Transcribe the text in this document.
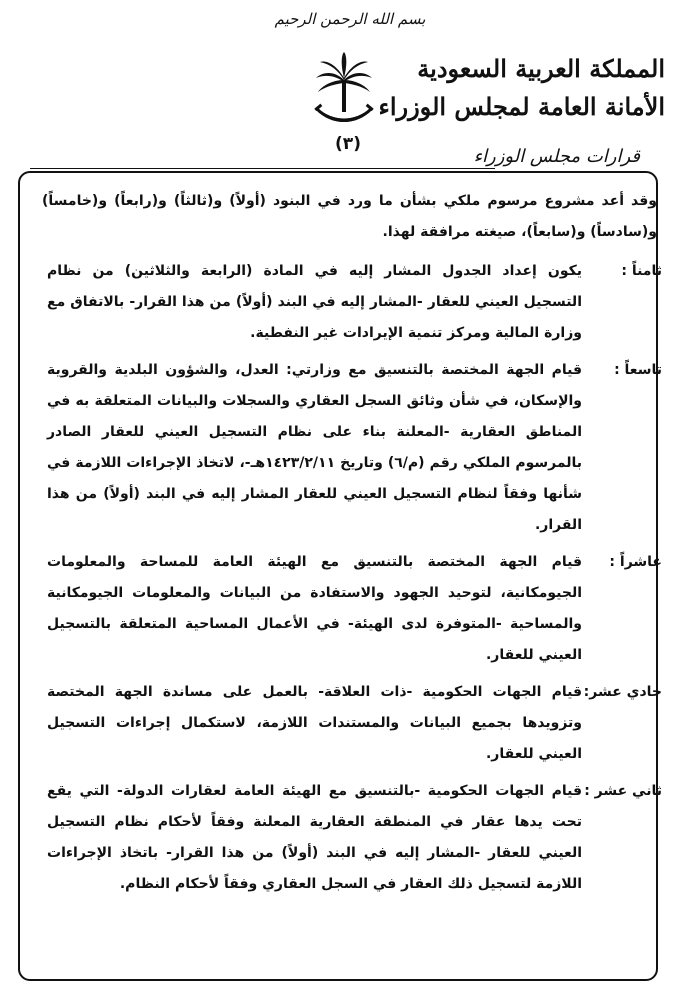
بسم الله الرحمن الرحيم
(٣)
المملكة العربية السعودية
الأمانة العامة لمجلس الوزراء
قرارات مجلس الوزراء

وقد أعد مشروع مرسوم ملكي بشأن ما ورد في البنود (أولاً) و(ثالثاً) و(رابعاً) و(خامساً) و(سادساً) و(سابعاً)، صيغته مرافقة لهذا.

ثامناً :
يكون إعداد الجدول المشار إليه في المادة (الرابعة والثلاثين) من نظام التسجيل العيني للعقار -المشار إليه في البند (أولاً) من هذا القرار- بالاتفاق مع وزارة المالية ومركز تنمية الإيرادات غير النفطية.
تاسعاً :
قيام الجهة المختصة بالتنسيق مع وزارتي: العدل، والشؤون البلدية والقروية والإسكان، في شأن وثائق السجل العقاري والسجلات والبيانات المتعلقة به في المناطق العقارية -المعلنة بناء على نظام التسجيل العيني للعقار الصادر بالمرسوم الملكي رقم (م/٦) وتاريخ ١٤٢٣/٢/١١هـ-، لاتخاذ الإجراءات اللازمة في شأنها وفقاً لنظام التسجيل العيني للعقار المشار إليه في البند (أولاً) من هذا القرار.
عاشراً :
قيام الجهة المختصة بالتنسيق مع الهيئة العامة للمساحة والمعلومات الجيومكانية، لتوحيد الجهود والاستفادة من البيانات والمعلومات الجيومكانية والمساحية -المتوفرة لدى الهيئة- في الأعمال المساحية المتعلقة بالتسجيل العيني للعقار.
حادي عشر:
قيام الجهات الحكومية -ذات العلاقة- بالعمل على مساندة الجهة المختصة وتزويدها بجميع البيانات والمستندات اللازمة، لاستكمال إجراءات التسجيل العيني للعقار.
ثاني عشر :
قيام الجهات الحكومية -بالتنسيق مع الهيئة العامة لعقارات الدولة- التي يقع تحت يدها عقار في المنطقة العقارية المعلنة وفقاً لأحكام نظام التسجيل العيني للعقار -المشار إليه في البند (أولاً) من هذا القرار- باتخاذ الإجراءات اللازمة لتسجيل ذلك العقار في السجل العقاري وفقاً لأحكام النظام.
